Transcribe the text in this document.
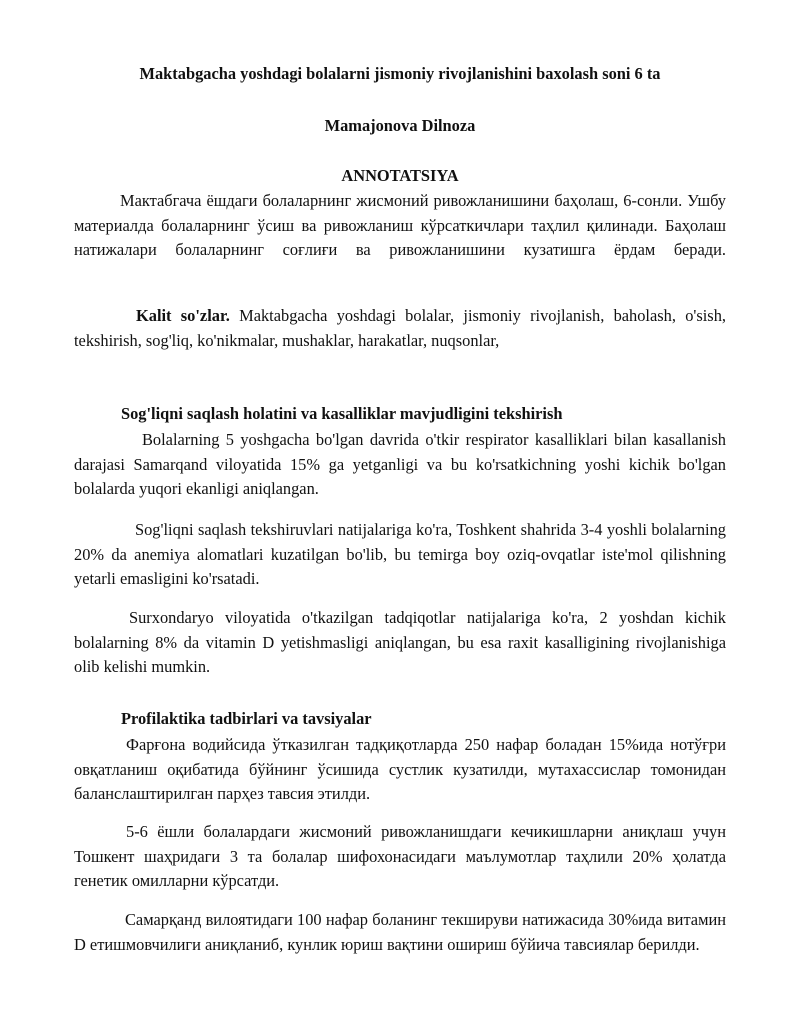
Maktabgacha yoshdagi bolalarni jismoniy rivojlanishini baxolash soni 6 ta
Mamajonova Dilnoza
ANNOTATSIYA
Мактабгача ёшдаги болаларнинг жисмоний ривожланишини баҳолаш, 6-сонли. Ушбу материалда болаларнинг ўсиш ва ривожланиш кўрсаткичлари таҳлил қилинади. Баҳолаш натижалари болаларнинг соғлиғи ва ривожланишини кузатишга ёрдам беради.
Kalit so'zlar. Maktabgacha yoshdagi bolalar, jismoniy rivojlanish, baholash, o'sish, tekshirish, sog'liq, ko'nikmalar, mushaklar, harakatlar, nuqsonlar,
Sog'liqni saqlash holatini va kasalliklar mavjudligini tekshirish
Bolalarning 5 yoshgacha bo'lgan davrida o'tkir respirator kasalliklari bilan kasallanish darajasi Samarqand viloyatida 15% ga yetganligi va bu ko'rsatkichning yoshi kichik bo'lgan bolalarda yuqori ekanligi aniqlangan.
Sog'liqni saqlash tekshiruvlari natijalariga ko'ra, Toshkent shahrida 3-4 yoshli bolalarning 20% da anemiya alomatlari kuzatilgan bo'lib, bu temirga boy oziq-ovqatlar iste'mol qilishning yetarli emasligini ko'rsatadi.
Surxondaryo viloyatida o'tkazilgan tadqiqotlar natijalariga ko'ra, 2 yoshdan kichik bolalarning 8% da vitamin D yetishmasligi aniqlangan, bu esa raxit kasalligining rivojlanishiga olib kelishi mumkin.
Profilaktika tadbirlari va tavsiyalar
Фарғона водийсида ўтказилган тадқиқотларда 250 нафар боладан 15%ида нотўғри овқатланиш оқибатида бўйнинг ўсишида сустлик кузатилди, мутахассислар томонидан баланслаштирилган парҳез тавсия этилди.
5-6 ёшли болалардаги жисмоний ривожланишдаги кечикишларни аниқлаш учун Тошкент шаҳридаги 3 та болалар шифохонасидаги маълумотлар таҳлили 20% ҳолатда генетик омилларни кўрсатди.
Самарқанд вилоятидаги 100 нафар боланинг текшируви натижасида 30%ида витамин D етишмовчилиги аниқланиб, кунлик юриш вақтини ошириш бўйича тавсиялар берилди.
